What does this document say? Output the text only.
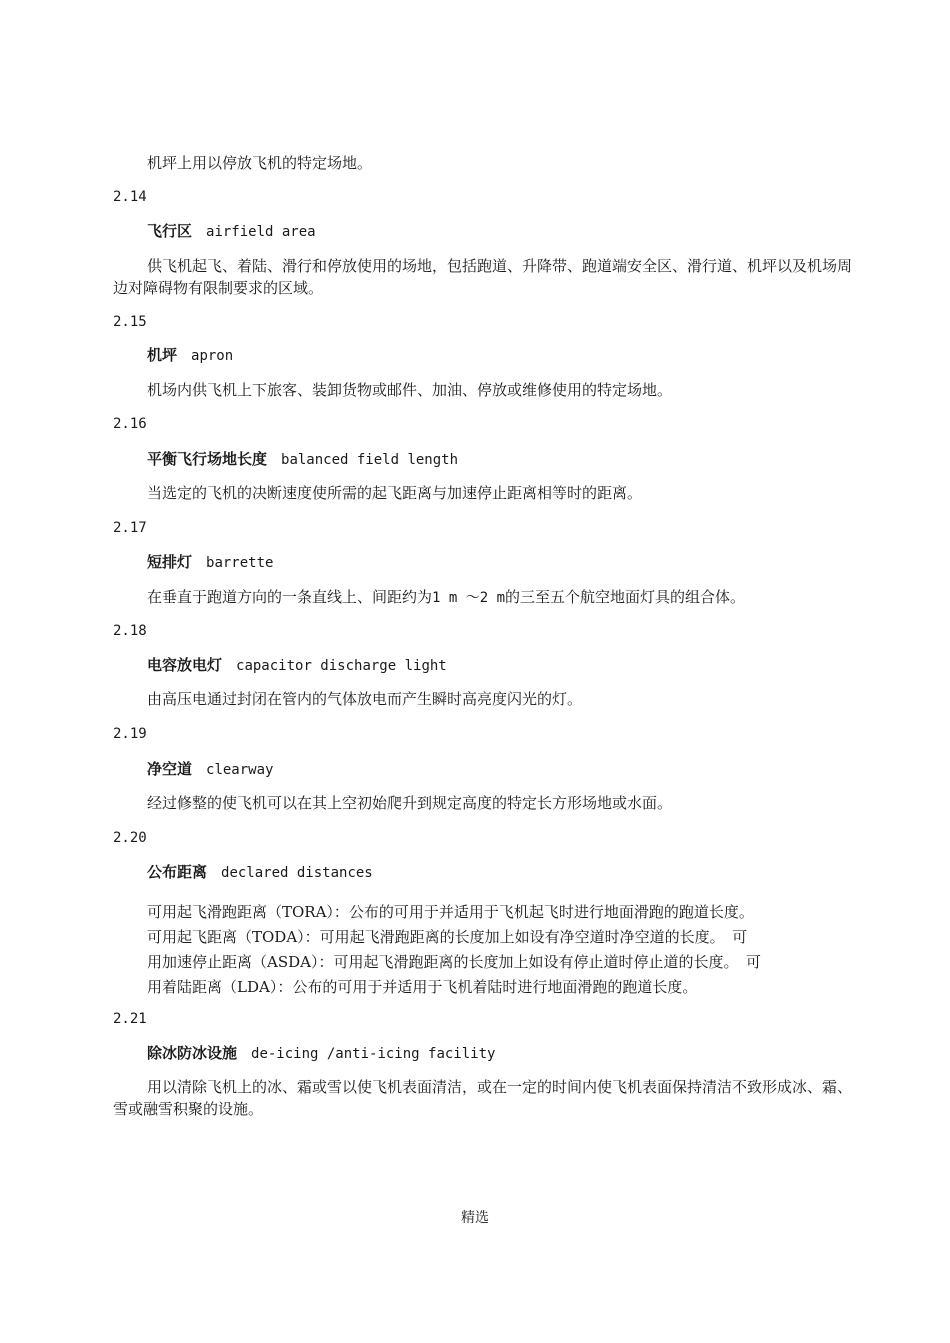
机坪上用以停放飞机的特定场地。
2.14
飞行区 airfield area
供飞机起飞、着陆、滑行和停放使用的场地，包括跑道、升降带、跑道端安全区、滑行道、机坪以及机场周边对障碍物有限制要求的区域。
2.15
机坪 apron
机场内供飞机上下旅客、装卸货物或邮件、加油、停放或维修使用的特定场地。
2.16
平衡飞行场地长度 balanced field length
当选定的飞机的决断速度使所需的起飞距离与加速停止距离相等时的距离。
2.17
短排灯 barrette
在垂直于跑道方向的一条直线上、间距约为1 m ～2 m的三至五个航空地面灯具的组合体。
2.18
电容放电灯 capacitor discharge light
由高压电通过封闭在管内的气体放电而产生瞬时高亮度闪光的灯。
2.19
净空道 clearway
经过修整的使飞机可以在其上空初始爬升到规定高度的特定长方形场地或水面。
2.20
公布距离 declared distances
可用起飞滑跑距离（TORA）：公布的可用于并适用于飞机起飞时进行地面滑跑的跑道长度。
可用起飞距离（TODA）：可用起飞滑跑距离的长度加上如设有净空道时净空道的长度。　可
用加速停止距离（ASDA）：可用起飞滑跑距离的长度加上如设有停止道时停止道的长度。　可
用着陆距离（LDA）：公布的可用于并适用于飞机着陆时进行地面滑跑的跑道长度。
2.21
除冰防冰设施 de-icing /anti-icing facility
用以清除飞机上的冰、霜或雪以使飞机表面清洁，或在一定的时间内使飞机表面保持清洁不致形成冰、霜、雪或融雪积聚的设施。
精选
